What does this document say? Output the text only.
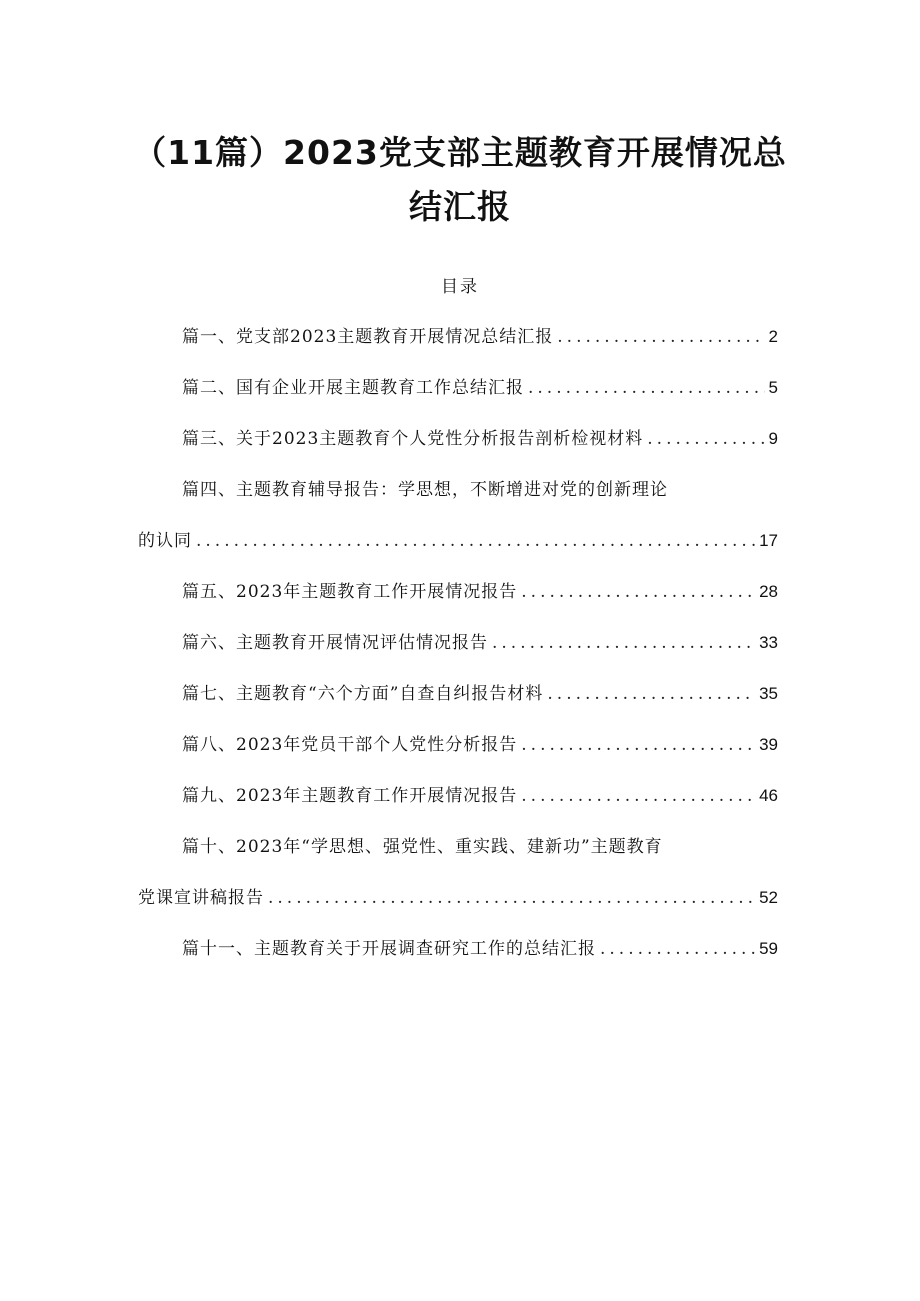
（11篇）2023党支部主题教育开展情况总
结汇报
目录
篇一、党支部2023主题教育开展情况总结汇报 .....	2
篇二、国有企业开展主题教育工作总结汇报 .....	5
篇三、关于2023主题教育个人党性分析报告剖析检视材料 .....	9
篇四、主题教育辅导报告：学思想，不断增进对党的创新理论
的认同 .....	17
篇五、2023年主题教育工作开展情况报告 .....	28
篇六、主题教育开展情况评估情况报告 .....	33
篇七、主题教育“六个方面”自查自纠报告材料 .....	35
篇八、2023年党员干部个人党性分析报告 .....	39
篇九、2023年主题教育工作开展情况报告 .....	46
篇十、2023年“学思想、强党性、重实践、建新功”主题教育
党课宣讲稿报告 .....	52
篇十一、主题教育关于开展调查研究工作的总结汇报 .....	59
